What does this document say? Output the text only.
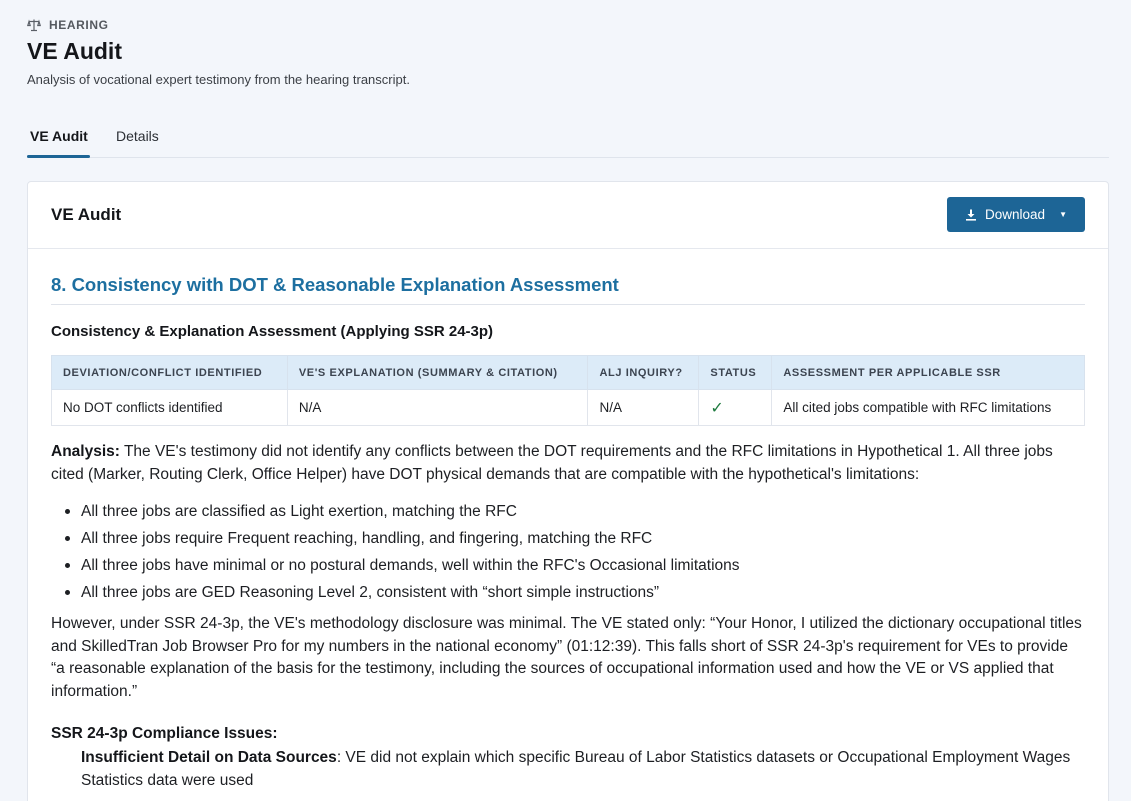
HEARING
VE Audit
Analysis of vocational expert testimony from the hearing transcript.
VE Audit Details
VE Audit	Download ▼
8. Consistency with DOT & Reasonable Explanation Assessment
Consistency & Explanation Assessment (Applying SSR 24-3p)
DEVIATION/CONFLICT IDENTIFIED	VE'S EXPLANATION (SUMMARY & CITATION)	ALJ INQUIRY?	STATUS	ASSESSMENT PER APPLICABLE SSR
No DOT conflicts identified	N/A	N/A	✓	All cited jobs compatible with RFC limitations
Analysis: The VE's testimony did not identify any conflicts between the DOT requirements and the RFC limitations in Hypothetical 1. All three jobs cited (Marker, Routing Clerk, Office Helper) have DOT physical demands that are compatible with the hypothetical's limitations:
All three jobs are classified as Light exertion, matching the RFC
All three jobs require Frequent reaching, handling, and fingering, matching the RFC
All three jobs have minimal or no postural demands, well within the RFC's Occasional limitations
All three jobs are GED Reasoning Level 2, consistent with “short simple instructions”
However, under SSR 24-3p, the VE's methodology disclosure was minimal. The VE stated only: “Your Honor, I utilized the dictionary occupational titles and SkilledTran Job Browser Pro for my numbers in the national economy” (01:12:39). This falls short of SSR 24-3p's requirement for VEs to provide “a reasonable explanation of the basis for the testimony, including the sources of occupational information used and how the VE or VS applied that information.”
SSR 24-3p Compliance Issues:
Insufficient Detail on Data Sources: VE did not explain which specific Bureau of Labor Statistics datasets or Occupational Employment Wages Statistics data were used
